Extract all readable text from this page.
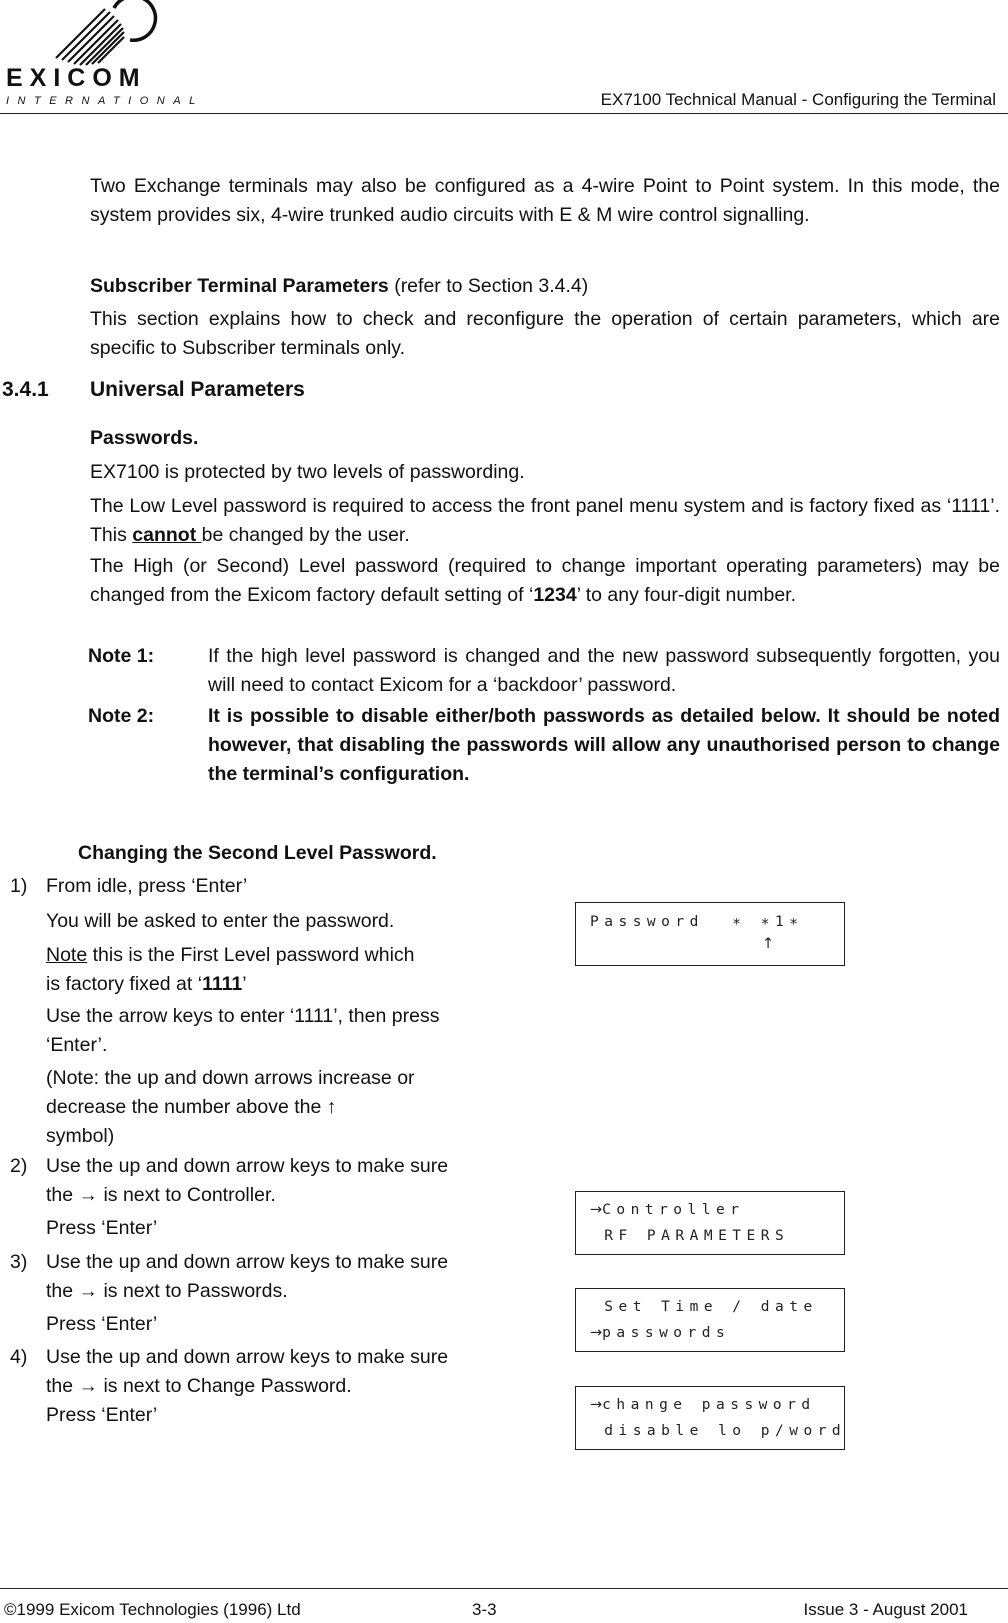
EXICOM
INTERNATIONAL	EX7100 Technical Manual - Configuring the Terminal

Two Exchange terminals may also be configured as a 4-wire Point to Point system. In this mode, the system provides six, 4-wire trunked audio circuits with E & M wire control signalling.

Subscriber Terminal Parameters (refer to Section 3.4.4)

This section explains how to check and reconfigure the operation of certain parameters, which are specific to Subscriber terminals only.

3.4.1 Universal Parameters
Passwords.

EX7100 is protected by two levels of passwording.

The Low Level password is required to access the front panel menu system and is factory fixed as ‘1111’. This cannot be changed by the user.

The High (or Second) Level password (required to change important operating parameters) may be changed from the Exicom factory default setting of ‘1234’ to any four-digit number.

Note 1:	If the high level password is changed and the new password subsequently forgotten, you will need to contact Exicom for a ‘backdoor’ password.
Note 2:	It is possible to disable either/both passwords as detailed below. It should be noted however, that disabling the passwords will allow any unauthorised person to change the terminal’s configuration.
Changing the Second Level Password.
1) From idle, press ‘Enter’
You will be asked to enter the password.
Note this is the First Level password which is factory fixed at ‘1111’
Use the arrow keys to enter ‘1111’, then press ‘Enter’.
(Note: the up and down arrows increase or decrease the number above the ↑
symbol)
2) Use the up and down arrow keys to make sure the → is next to Controller.
Press ‘Enter’
3) Use the up and down arrow keys to make sure the → is next to Passwords.
Press ‘Enter’
4) Use the up and down arrow keys to make sure the → is next to Change Password.
Press ‘Enter’
Password  ∗ ∗1∗
↑
→Controller
RF PARAMETERS
Set Time / date
→passwords
→change password
disable lo p/word
©1999 Exicom Technologies (1996) Ltd	3-3	Issue 3 - August 2001
